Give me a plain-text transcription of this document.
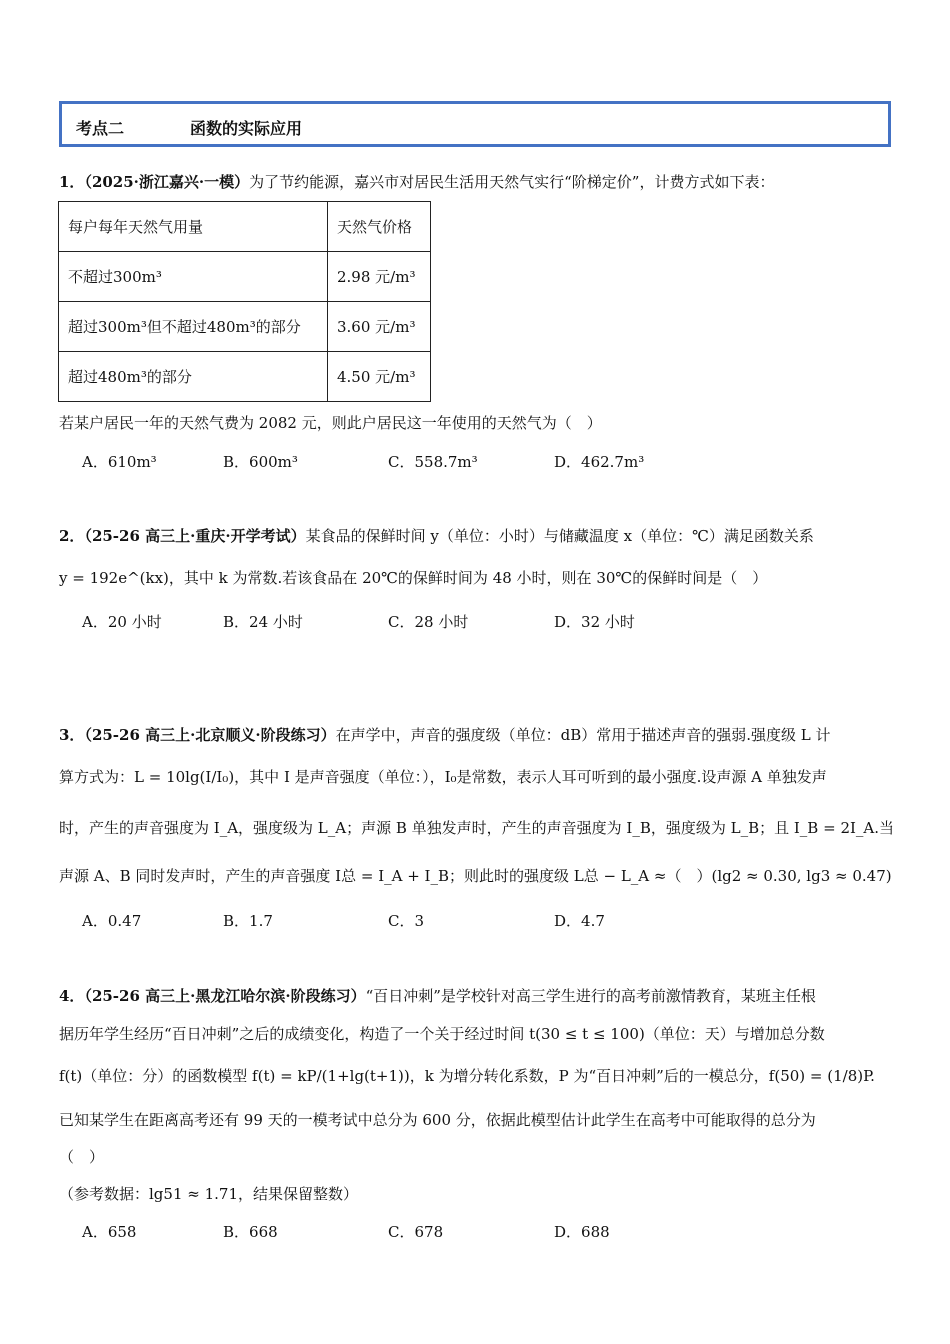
考点二	函数的实际应用
1．（2025·浙江嘉兴·一模）为了节约能源，嘉兴市对居民生活用天然气实行“阶梯定价”，计费方式如下表：
每户每年天然气用量	天然气价格
不超过300m³	2.98 元/m³
超过300m³但不超过480m³的部分	3.60 元/m³
超过480m³的部分	4.50 元/m³
若某户居民一年的天然气费为 2082 元，则此户居民这一年使用的天然气为（　）
A．610m³	B．600m³	C．558.7m³	D．462.7m³
2．（25-26 高三上·重庆·开学考试）某食品的保鲜时间 y（单位：小时）与储藏温度 x（单位：℃）满足函数关系
y = 192e^(kx)，其中 k 为常数.若该食品在 20℃的保鲜时间为 48 小时，则在 30℃的保鲜时间是（　）
A．20 小时	B．24 小时	C．28 小时	D．32 小时
3．（25-26 高三上·北京顺义·阶段练习）在声学中，声音的强度级（单位：dB）常用于描述声音的强弱.强度级 L 计
算方式为：L = 10lg(I/I₀)，其中 I 是声音强度（单位：），I₀是常数，表示人耳可听到的最小强度.设声源 A 单独发声
时，产生的声音强度为 I_A，强度级为 L_A；声源 B 单独发声时，产生的声音强度为 I_B，强度级为 L_B；且 I_B = 2I_A.当
声源 A、B 同时发声时，产生的声音强度 I总 = I_A + I_B；则此时的强度级 L总 − L_A ≈（　）(lg2 ≈ 0.30, lg3 ≈ 0.47)
A．0.47	B．1.7	C．3	D．4.7
4．（25-26 高三上·黑龙江哈尔滨·阶段练习）“百日冲刺”是学校针对高三学生进行的高考前激情教育，某班主任根
据历年学生经历“百日冲刺”之后的成绩变化，构造了一个关于经过时间 t(30 ≤ t ≤ 100)（单位：天）与增加总分数
f(t)（单位：分）的函数模型 f(t) = kP/(1+lg(t+1))，k 为增分转化系数，P 为“百日冲刺”后的一模总分，f(50) = (1/8)P.
已知某学生在距离高考还有 99 天的一模考试中总分为 600 分，依据此模型估计此学生在高考中可能取得的总分为
（　）
（参考数据：lg51 ≈ 1.71，结果保留整数）
A．658	B．668	C．678	D．688
